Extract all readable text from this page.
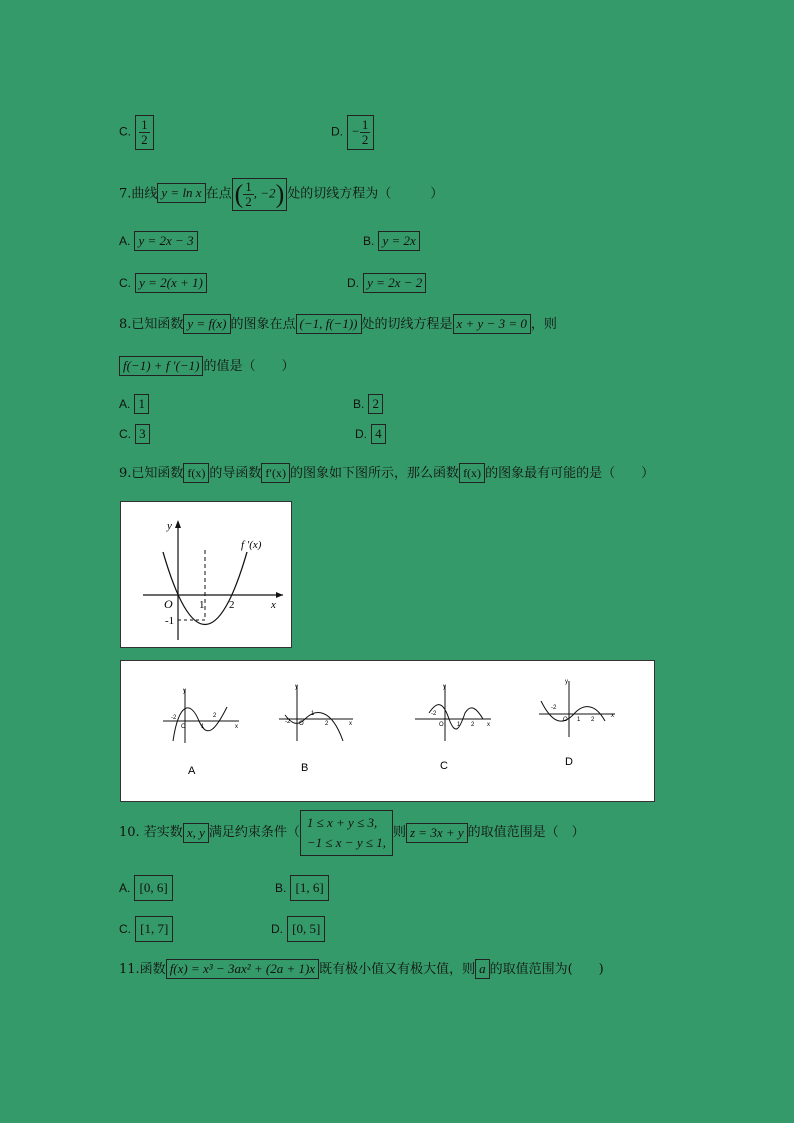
C. $\frac{1}{2}$	D. − $\frac{1}{2}$
7.曲线 y = ln x 在点 ( $\frac{1}{2}$ , −2) 处的切线方程为（　　　）
A. y = 2x − 3	B. y = 2x
C. y = 2(x + 1)	D. y = 2x − 2
8.已知函数 y = f(x) 的图象在点 (−1, f(−1)) 处的切线方程是 x + y − 3 = 0 ，则
f(−1) + f ′(−1) 的值是（　　）
A. 1	B. 2
C. 3	D. 4
9.已知函数 f(x) 的导函数 f′(x) 的图象如下图所示，那么函数 f(x) 的图象最有可能的是（　　）
f ′(x)
y
x
O 1 2
-1
y
-2
O	1
2
x
A
y
-2 O
1
2	x
B
y
-2
O 1 2 x
C
y
-2
O 1 2
x
D
10. 若实数 x, y 满足约束条件（
1 ≤ x + y ≤ 3,
−1 ≤ x − y ≤ 1,
则 z = 3x + y 的取值范围是（　）
A. [0, 6]	B. [1, 6]
C. [1, 7]	D. [0, 5]
11.函数 f(x) = x³ − 3ax² + (2a + 1)x 既有极小值又有极大值，则 a 的取值范围为(　　)
